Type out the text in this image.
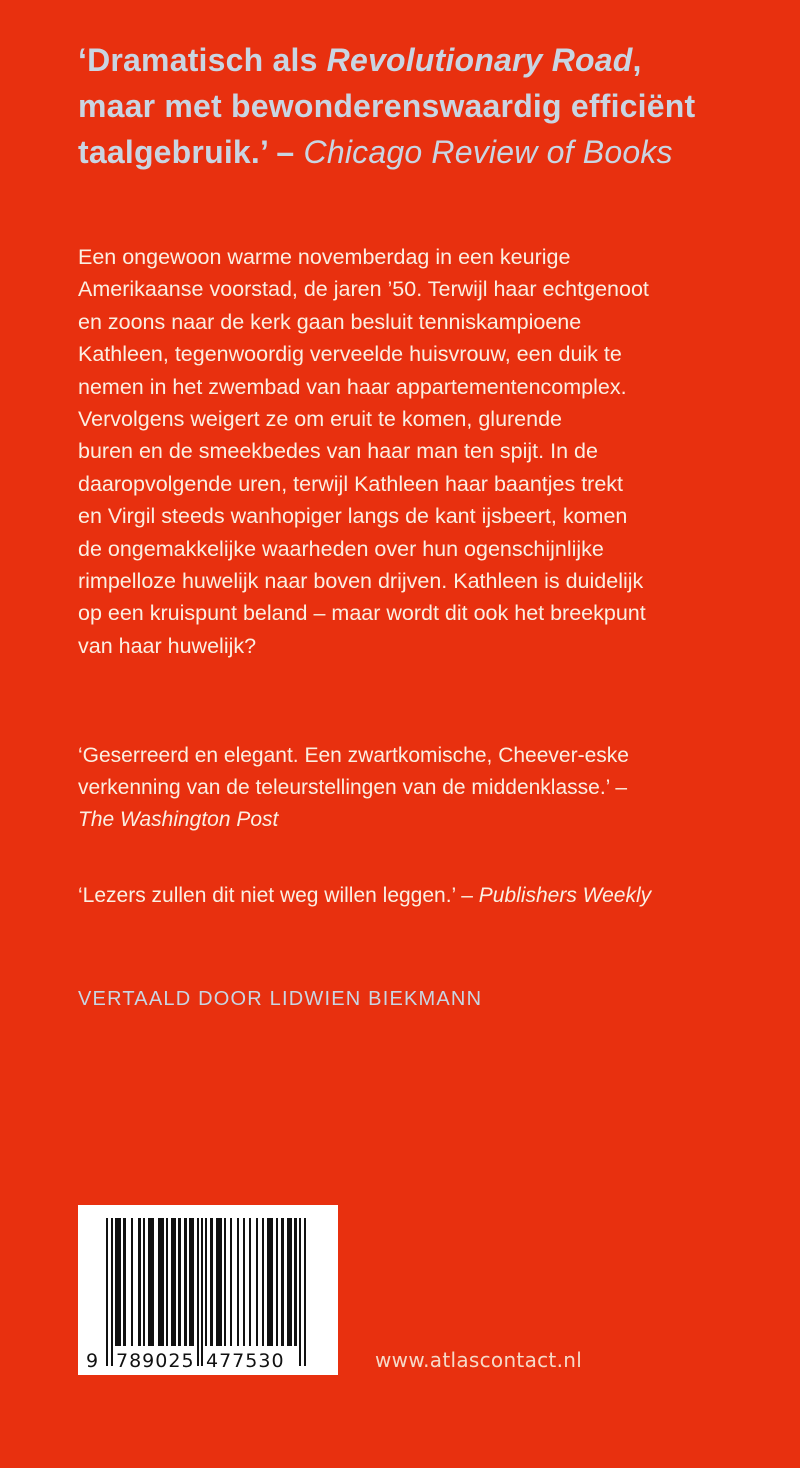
‘Dramatisch als Revolutionary Road,
maar met bewonderenswaardig efficiënt
taalgebruik.’ – Chicago Review of Books
Een ongewoon warme novemberdag in een keurige
Amerikaanse voorstad, de jaren ’50. Terwijl haar echtgenoot
en zoons naar de kerk gaan besluit tenniskampioene
Kathleen, tegenwoordig verveelde huisvrouw, een duik te
nemen in het zwembad van haar appartementencomplex.
Vervolgens weigert ze om eruit te komen, glurende
buren en de smeekbedes van haar man ten spijt. In de
daaropvolgende uren, terwijl Kathleen haar baantjes trekt
en Virgil steeds wanhopiger langs de kant ijsbeert, komen
de ongemakkelijke waarheden over hun ogenschijnlijke
rimpelloze huwelijk naar boven drijven. Kathleen is duidelijk
op een kruispunt beland – maar wordt dit ook het breekpunt
van haar huwelijk?
‘Geserreerd en elegant. Een zwartkomische, Cheever-eske
verkenning van de teleurstellingen van de middenklasse.’ –
The Washington Post
‘Lezers zullen dit niet weg willen leggen.’ – Publishers Weekly
VERTAALD DOOR LIDWIEN BIEKMANN
9 789025 477530	www.atlascontact.nl
